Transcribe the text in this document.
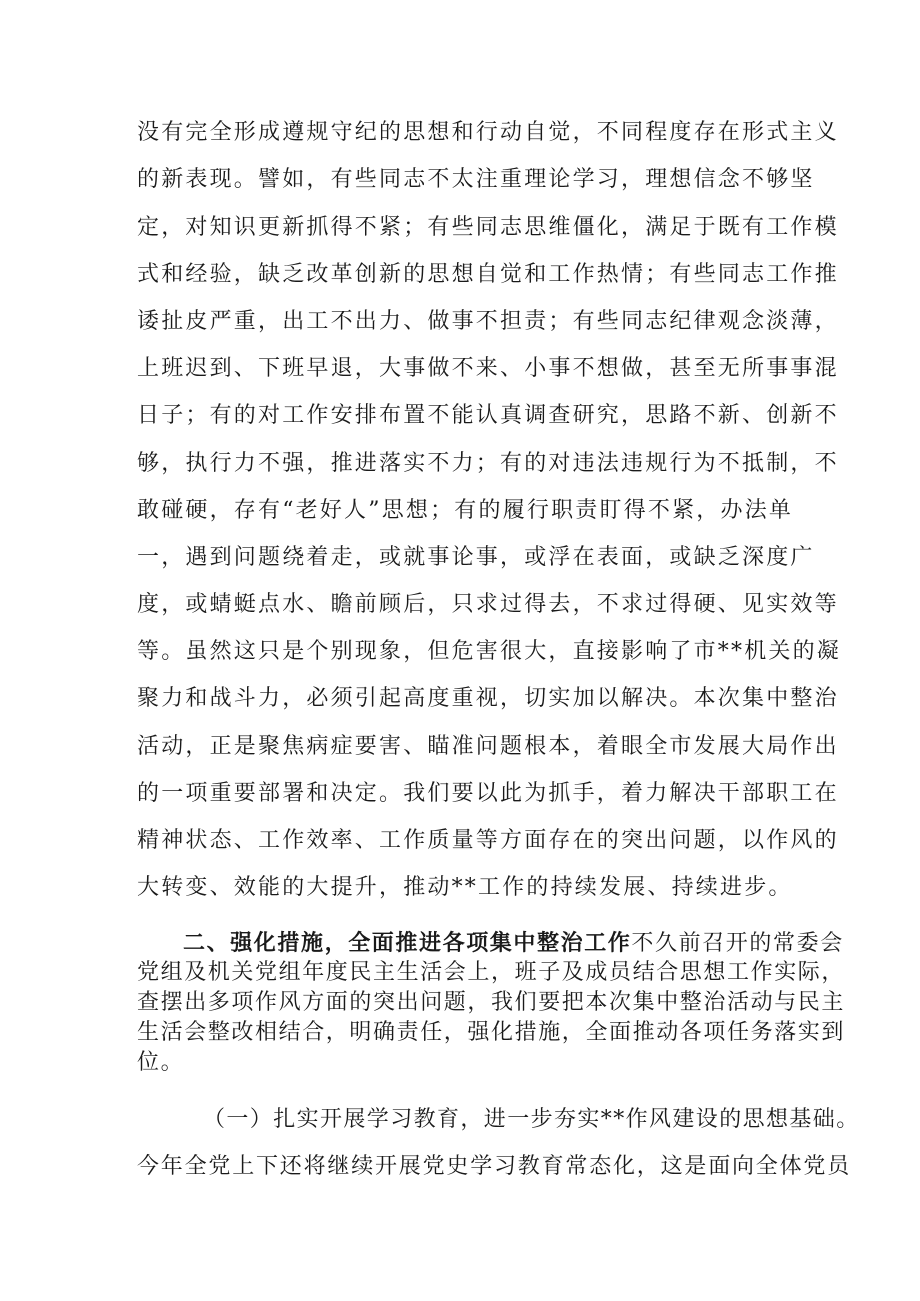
没有完全形成遵规守纪的思想和行动自觉，不同程度存在形式主义
的新表现。譬如，有些同志不太注重理论学习，理想信念不够坚
定，对知识更新抓得不紧；有些同志思维僵化，满足于既有工作模
式和经验，缺乏改革创新的思想自觉和工作热情；有些同志工作推
诿扯皮严重，出工不出力、做事不担责；有些同志纪律观念淡薄，
上班迟到、下班早退，大事做不来、小事不想做，甚至无所事事混
日子；有的对工作安排布置不能认真调查研究，思路不新、创新不
够，执行力不强，推进落实不力；有的对违法违规行为不抵制，不
敢碰硬，存有“老好人”思想；有的履行职责盯得不紧，办法单
一，遇到问题绕着走，或就事论事，或浮在表面，或缺乏深度广
度，或蜻蜓点水、瞻前顾后，只求过得去，不求过得硬、见实效等
等。虽然这只是个别现象，但危害很大，直接影响了市**机关的凝
聚力和战斗力，必须引起高度重视，切实加以解决。本次集中整治
活动，正是聚焦病症要害、瞄准问题根本，着眼全市发展大局作出
的一项重要部署和决定。我们要以此为抓手，着力解决干部职工在
精神状态、工作效率、工作质量等方面存在的突出问题，以作风的
大转变、效能的大提升，推动**工作的持续发展、持续进步。
二、强化措施，全面推进各项集中整治工作不久前召开的常委会
党组及机关党组年度民主生活会上，班子及成员结合思想工作实际，
查摆出多项作风方面的突出问题，我们要把本次集中整治活动与民主
生活会整改相结合，明确责任，强化措施，全面推动各项任务落实到
位。
（一）扎实开展学习教育，进一步夯实**作风建设的思想基础。
今年全党上下还将继续开展党史学习教育常态化，这是面向全体党员
